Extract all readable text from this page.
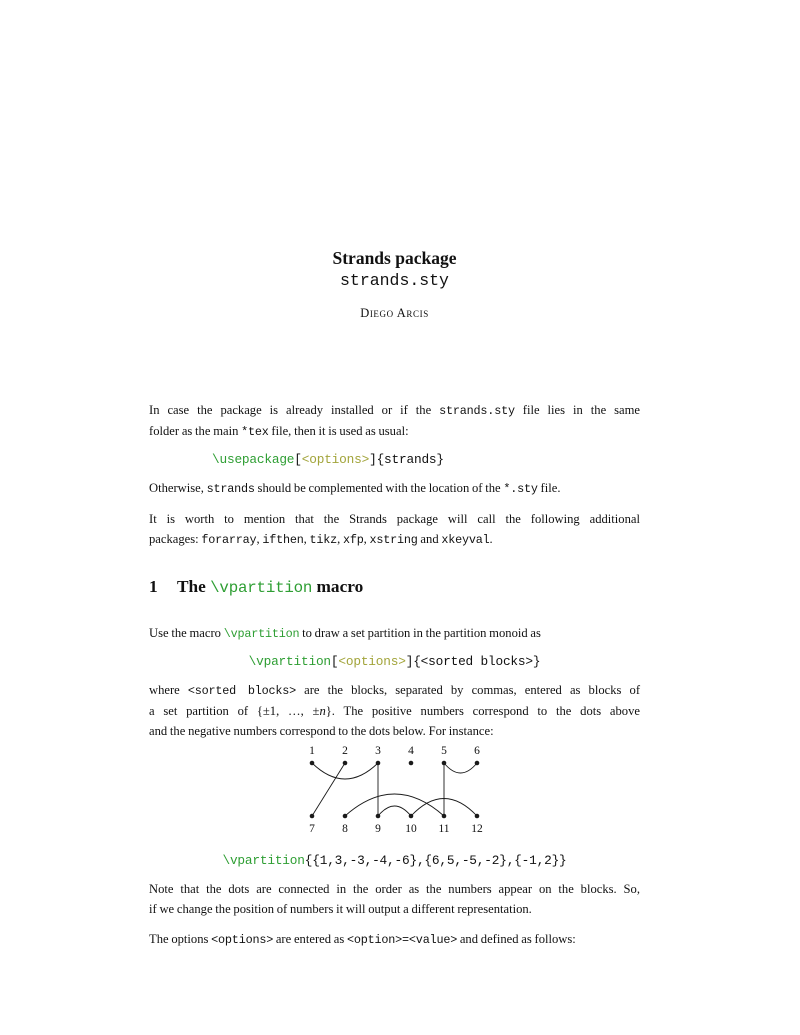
Strands package
strands.sty
Diego Arcis
In case the package is already installed or if the strands.sty file lies in the same
folder as the main *tex file, then it is used as usual:
\usepackage[<options>]{strands}
Otherwise, strands should be complemented with the location of the *.sty file.
It is worth to mention that the Strands package will call the following additional
packages: forarray, ifthen, tikz, xfp, xstring and xkeyval.
1 The \vpartition macro
Use the macro \vpartition to draw a set partition in the partition monoid as
\vpartition[<options>]{<sorted blocks>}
where <sorted blocks> are the blocks, separated by commas, entered as blocks of
a set partition of {±1, …, ±n}. The positive numbers correspond to the dots above
and the negative numbers correspond to the dots below. For instance:
1 2 3 4 5 6
7 8 9 10 11 12
\vpartition{{1,3,-3,-4,-6},{6,5,-5,-2},{-1,2}}
Note that the dots are connected in the order as the numbers appear on the blocks. So,
if we change the position of numbers it will output a different representation.
The options <options> are entered as <option>=<value> and defined as follows:
